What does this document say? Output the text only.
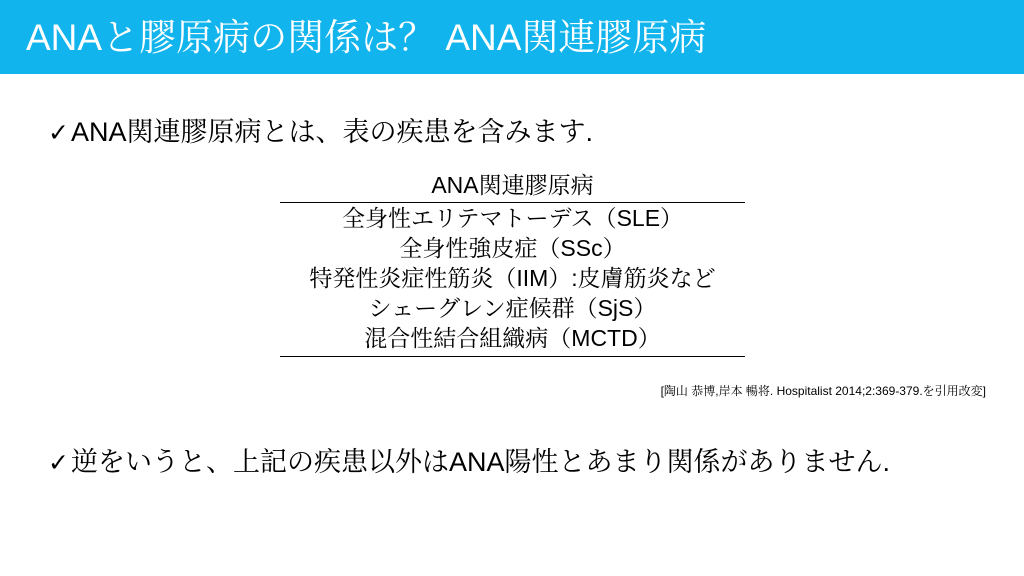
ANAと膠原病の関係は？ ANA関連膠原病
✓ANA関連膠原病とは、表の疾患を含みます.
ANA関連膠原病
全身性エリテマトーデス（SLE）
全身性強皮症（SSc）
特発性炎症性筋炎（IIM）:皮膚筋炎など
シェーグレン症候群（SjS）
混合性結合組織病（MCTD）
[陶山 恭博,岸本 暢将. Hospitalist 2014;2:369-379.を引用改変]
✓逆をいうと、上記の疾患以外はANA陽性とあまり関係がありません.
